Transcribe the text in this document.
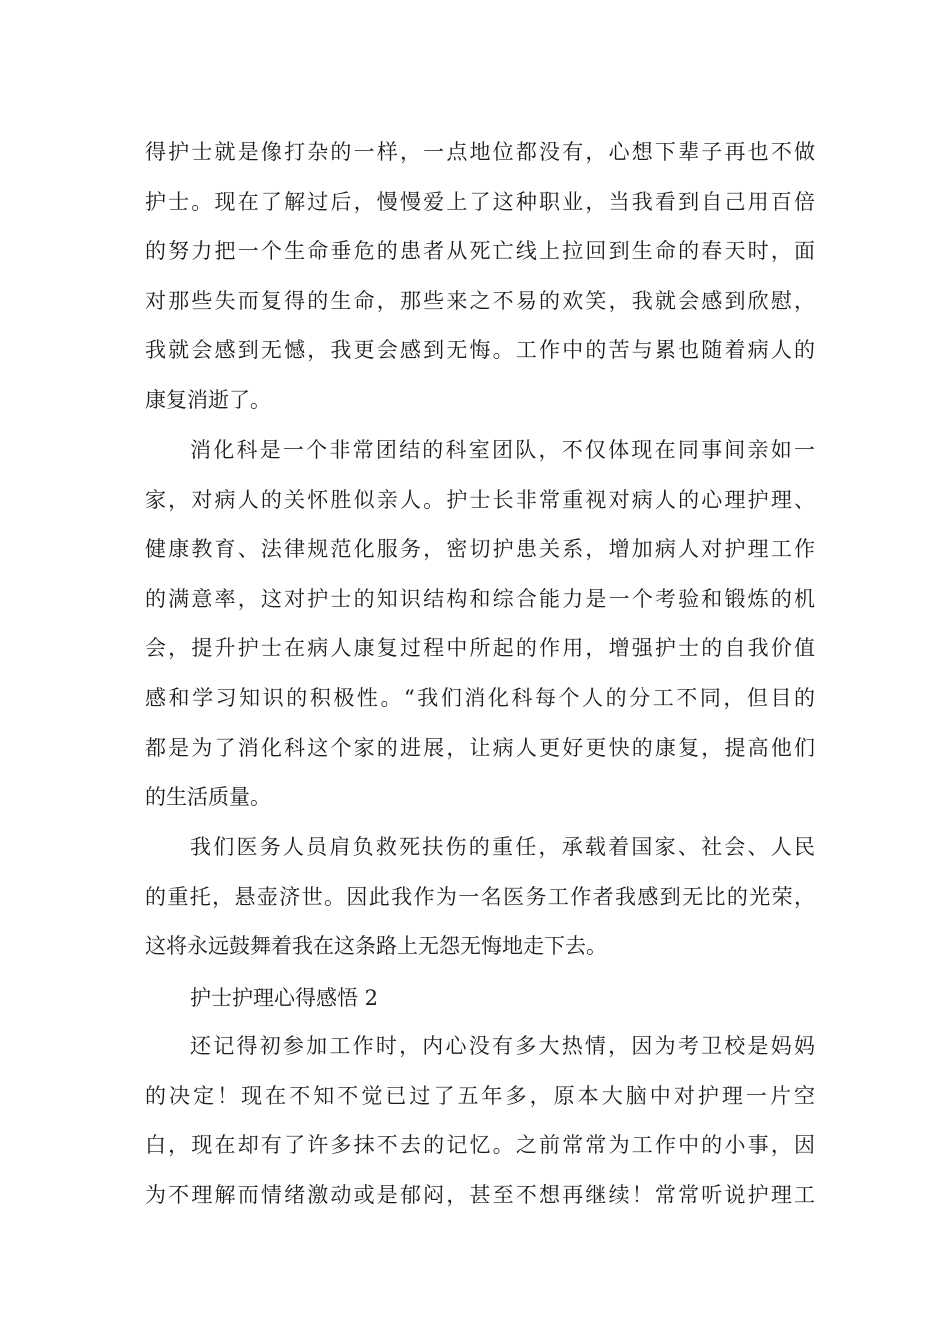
得护士就是像打杂的一样，一点地位都没有，心想下辈子再也不做
护士。现在了解过后，慢慢爱上了这种职业，当我看到自己用百倍
的努力把一个生命垂危的患者从死亡线上拉回到生命的春天时，面
对那些失而复得的生命，那些来之不易的欢笑，我就会感到欣慰，
我就会感到无憾，我更会感到无悔。工作中的苦与累也随着病人的
康复消逝了。
消化科是一个非常团结的科室团队，不仅体现在同事间亲如一
家，对病人的关怀胜似亲人。护士长非常重视对病人的心理护理、
健康教育、法律规范化服务，密切护患关系，增加病人对护理工作
的满意率，这对护士的知识结构和综合能力是一个考验和锻炼的机
会，提升护士在病人康复过程中所起的作用，增强护士的自我价值
感和学习知识的积极性。“我们消化科每个人的分工不同，但目的
都是为了消化科这个家的进展，让病人更好更快的康复，提高他们
的生活质量。
我们医务人员肩负救死扶伤的重任，承载着国家、社会、人民
的重托，悬壶济世。因此我作为一名医务工作者我感到无比的光荣，
这将永远鼓舞着我在这条路上无怨无悔地走下去。
护士护理心得感悟 2
还记得初参加工作时，内心没有多大热情，因为考卫校是妈妈
的决定！现在不知不觉已过了五年多，原本大脑中对护理一片空
白，现在却有了许多抹不去的记忆。之前常常为工作中的小事，因
为不理解而情绪激动或是郁闷，甚至不想再继续！常常听说护理工
